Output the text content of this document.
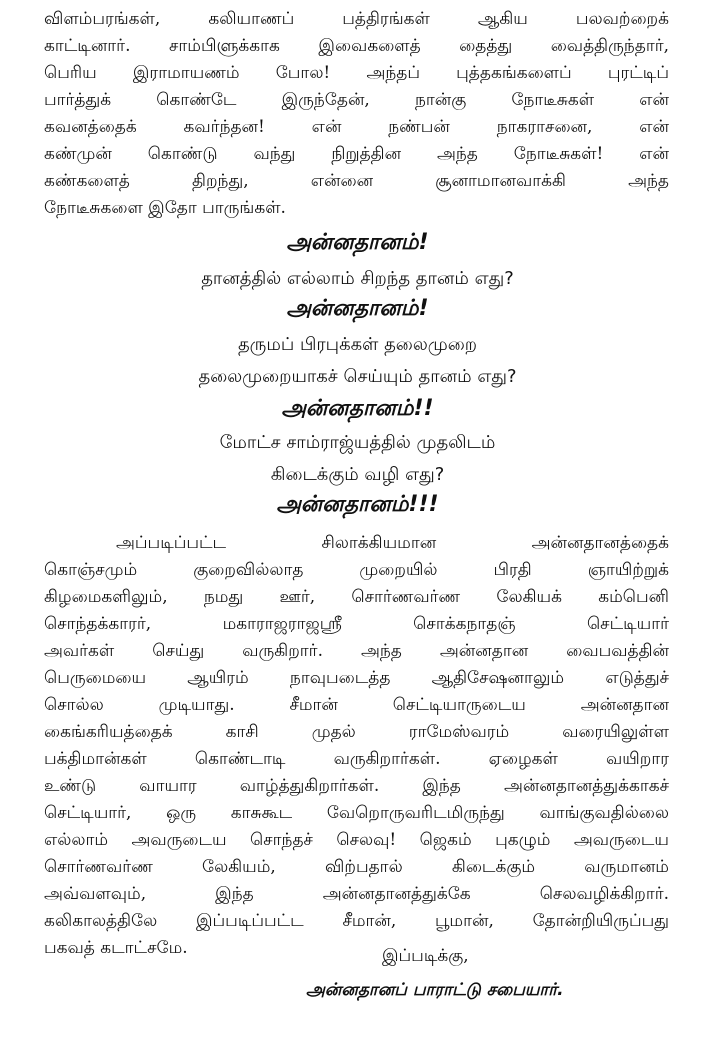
விளம்பரங்கள், கலியாணப் பத்திரங்கள் ஆகிய பலவற்றைக்
காட்டினார். சாம்பிளுக்காக இவைகளைத் தைத்து வைத்திருந்தார்,
பெரிய இராமாயணம் போல! அந்தப் புத்தகங்களைப் புரட்டிப்
பார்த்துக் கொண்டே இருந்தேன், நான்கு நோடீசுகள் என்
கவனத்தைக் கவர்ந்தன! என் நண்பன் நாகராசனை, என்
கண்முன் கொண்டு வந்து நிறுத்தின அந்த நோடீசுகள்! என்
கண்களைத் திறந்து, என்னை சூனாமானவாக்கி அந்த
நோடீசுகளை இதோ பாருங்கள்.

அன்னதானம்!

தானத்தில் எல்லாம் சிறந்த தானம் எது?

அன்னதானம்!

தருமப் பிரபுக்கள் தலைமுறை

தலைமுறையாகச் செய்யும் தானம் எது?

அன்னதானம்!!

மோட்ச சாம்ராஜ்யத்தில் முதலிடம்

கிடைக்கும் வழி எது?

அன்னதானம்!!!

அப்படிப்பட்ட சிலாக்கியமான அன்னதானத்தைக்
கொஞ்சமும் குறைவில்லாத முறையில் பிரதி ஞாயிற்றுக்
கிழமைகளிலும், நமது ஊர், சொர்ணவர்ண லேகியக் கம்பெனி
சொந்தக்காரர், மகாராஜராஜஸ்ரீ சொக்கநாதஞ் செட்டியார்
அவர்கள் செய்து வருகிறார். அந்த அன்னதான வைபவத்தின்
பெருமையை ஆயிரம் நாவுபடைத்த ஆதிசேஷனாலும் எடுத்துச்
சொல்ல முடியாது. சீமான் செட்டியாருடைய அன்னதான
கைங்கரியத்தைக் காசி முதல் ராமேஸ்வரம் வரையிலுள்ள
பக்திமான்கள் கொண்டாடி வருகிறார்கள். ஏழைகள் வயிறார
உண்டு வாயார வாழ்த்துகிறார்கள். இந்த அன்னதானத்துக்காகச்
செட்டியார், ஒரு காசுகூட வேறொருவரிடமிருந்து வாங்குவதில்லை
எல்லாம் அவருடைய சொந்தச் செலவு! ஜெகம் புகழும் அவருடைய
சொர்ணவர்ண லேகியம், விற்பதால் கிடைக்கும் வருமானம்
அவ்வளவும், இந்த அன்னதானத்துக்கே செலவழிக்கிறார்.
கலிகாலத்திலே இப்படிப்பட்ட சீமான், பூமான், தோன்றியிருப்பது
பகவத் கடாட்சமே.	இப்படிக்கு,

அன்னதானப் பாராட்டு சபையார்.
